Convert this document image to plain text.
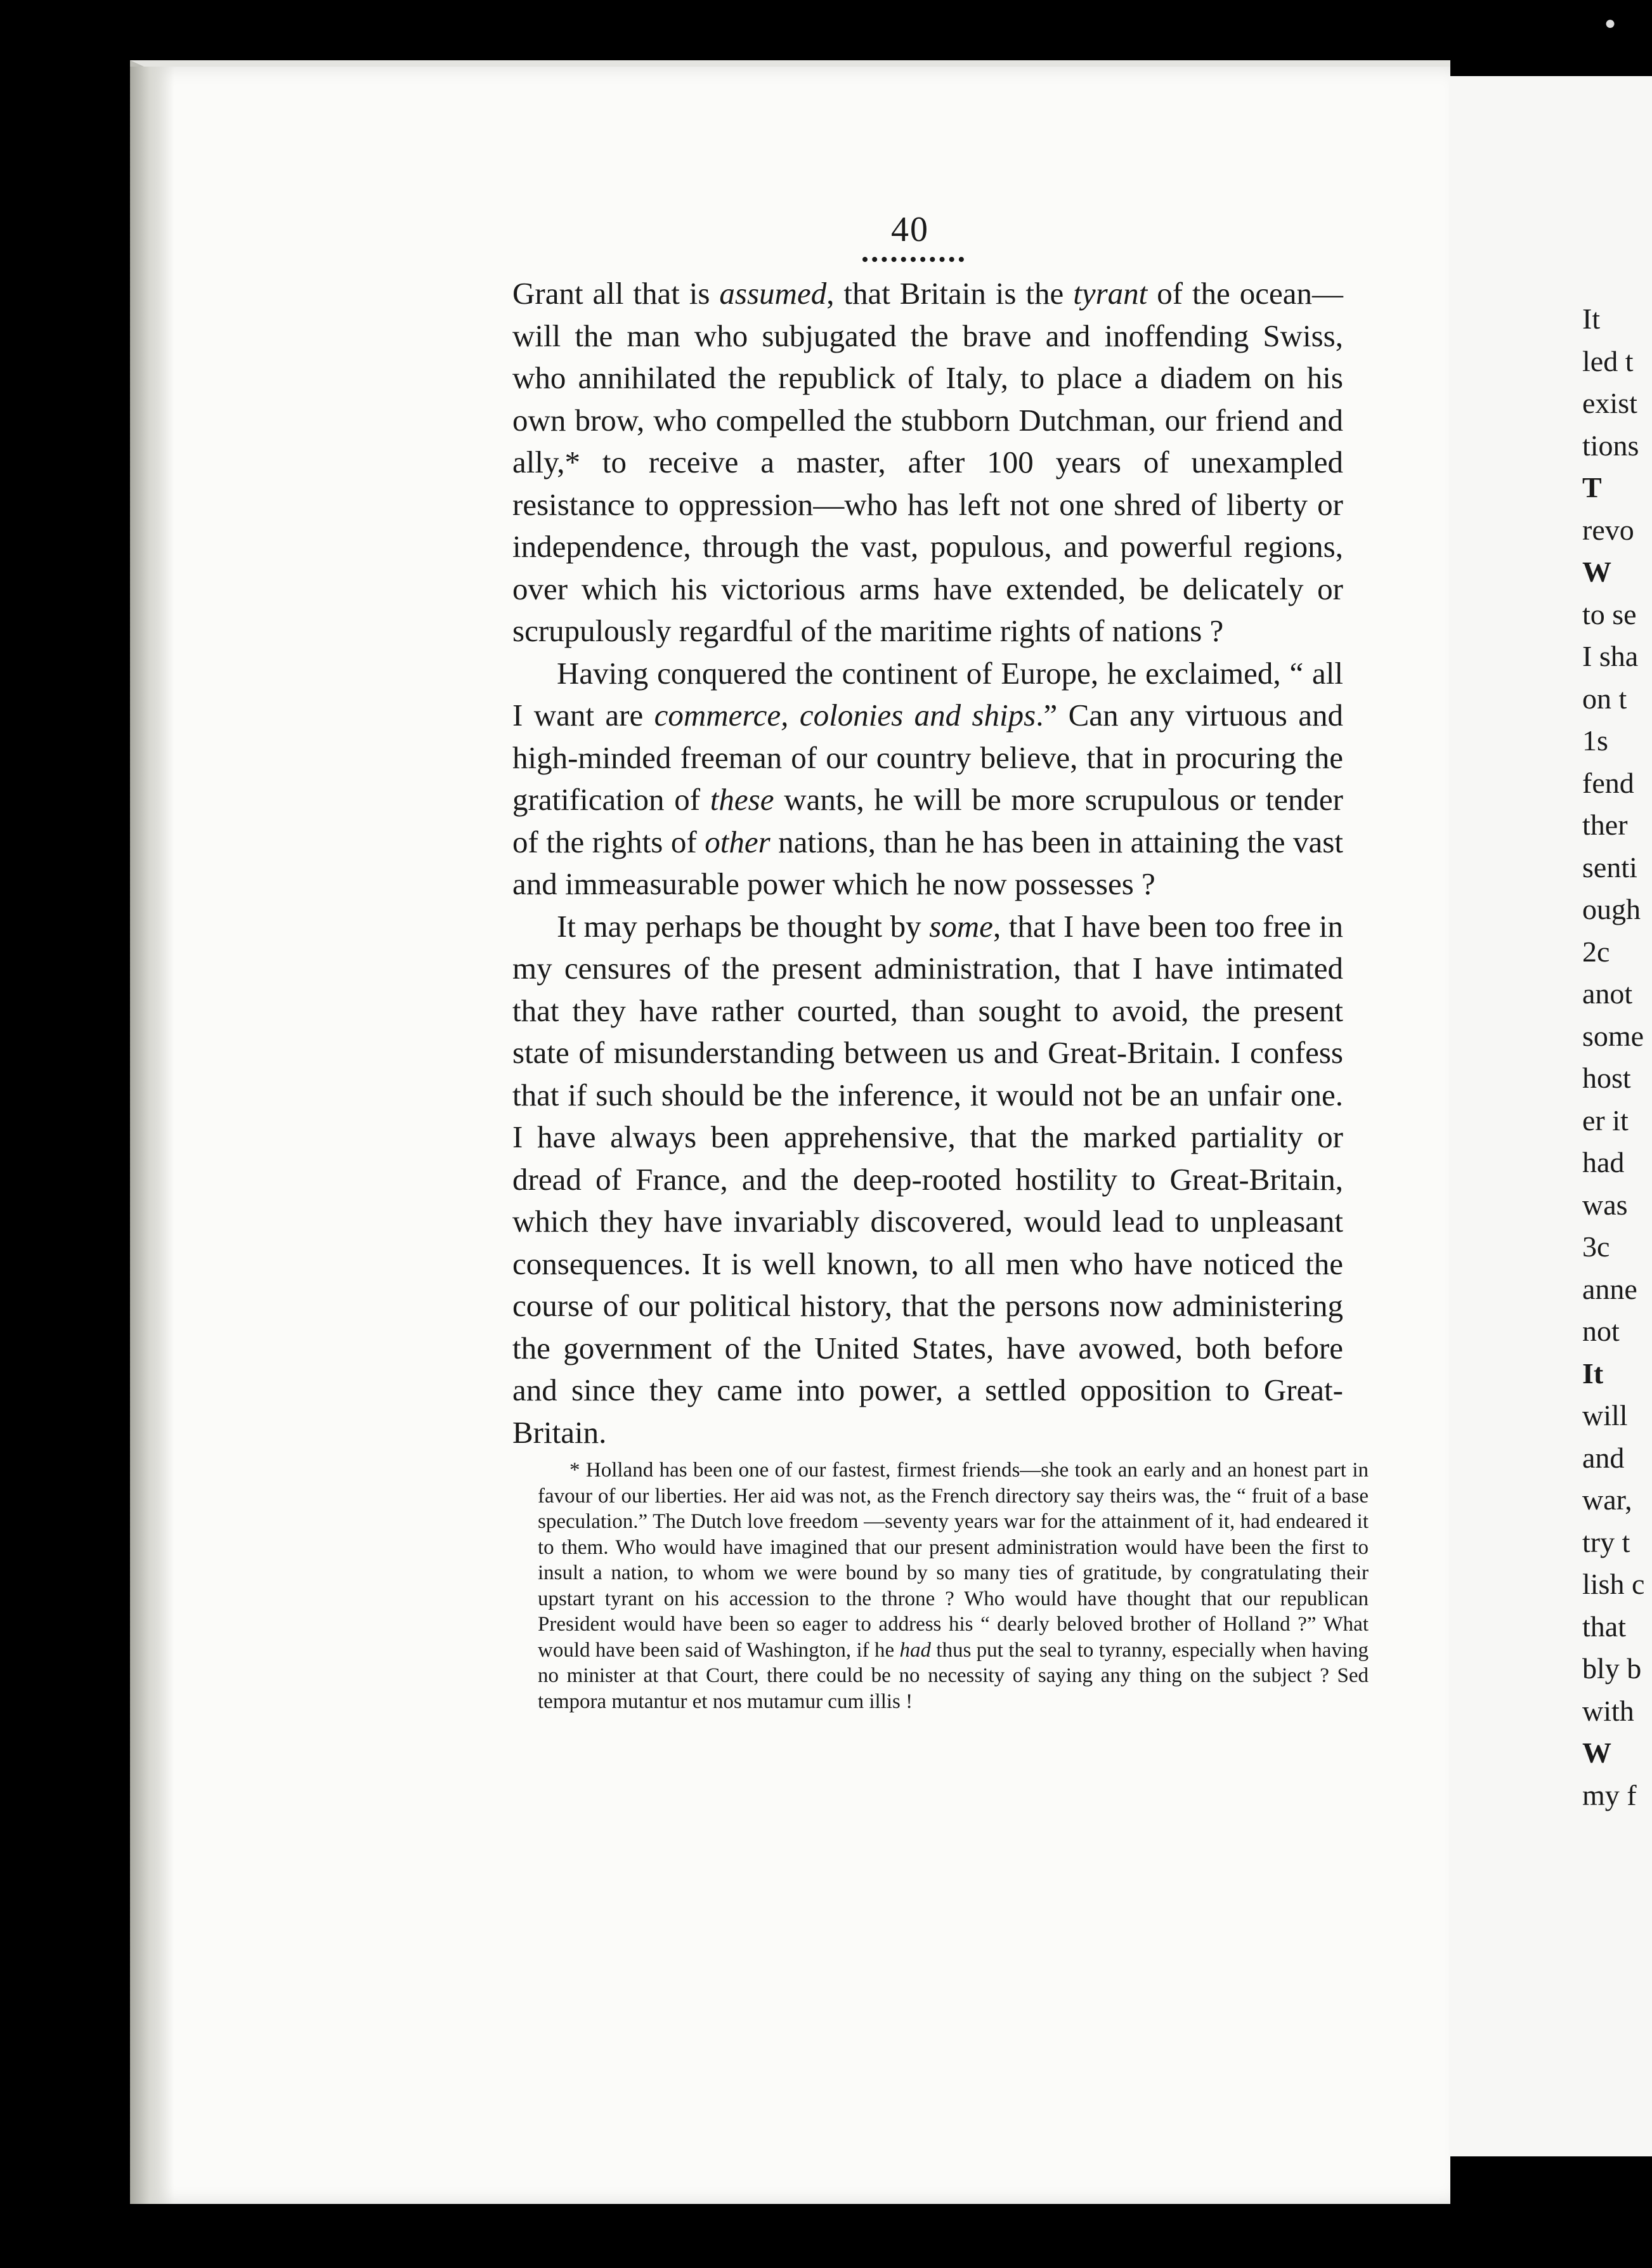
40

Grant all that is assumed, that Britain is the tyrant of the ocean—will the man who subjugated the brave and inoffending Swiss, who annihilated the republick of Italy, to place a diadem on his own brow, who compelled the stubborn Dutchman, our friend and ally,* to receive a master, after 100 years of unexampled resistance to oppression—who has left not one shred of liberty or independence, through the vast, populous, and powerful regions, over which his victorious arms have extended, be delicately or scrupulously regardful of the maritime rights of nations ?

Having conquered the continent of Europe, he exclaimed, “ all I want are commerce, colonies and ships.” Can any virtuous and high-minded freeman of our country believe, that in procuring the gratification of these wants, he will be more scrupulous or tender of the rights of other nations, than he has been in attaining the vast and immeasurable power which he now possesses ?

It may perhaps be thought by some, that I have been too free in my censures of the present administration, that I have intimated that they have rather courted, than sought to avoid, the present state of misunderstanding between us and Great-Britain. I confess that if such should be the inference, it would not be an unfair one. I have always been apprehensive, that the marked partiality or dread of France, and the deep-rooted hostility to Great-Britain, which they have invariably discovered, would lead to unpleasant consequences. It is well known, to all men who have noticed the course of our political history, that the persons now administering the government of the United States, have avowed, both before and since they came into power, a settled opposition to Great-Britain.

* Holland has been one of our fastest, firmest friends—she took an early and an honest part in favour of our liberties. Her aid was not, as the French directory say theirs was, the “ fruit of a base speculation.” The Dutch love freedom —seventy years war for the attainment of it, had endeared it to them. Who would have imagined that our present administration would have been the first to insult a nation, to whom we were bound by so many ties of gratitude, by congratulating their upstart tyrant on his accession to the throne ? Who would have thought that our republican President would have been so eager to address his “ dearly beloved brother of Holland ?” What would have been said of Washington, if he had thus put the seal to tyranny, especially when having no minister at that Court, there could be no necessity of saying any thing on the subject ? Sed tempora mutantur et nos mutamur cum illis !

It
led t
exist
tions
T
revo
W
to se
I sha
on t
1s
fend
ther
senti
ough
2c
anot
some
host
er it
had
was
3c
anne
not
It
will
and
war,
try t
lish c
that
bly b
with
W
my f
●
